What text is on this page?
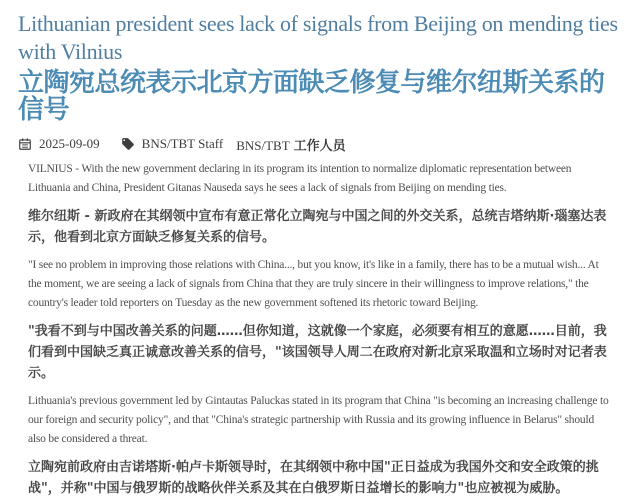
Lithuanian president sees lack of signals from Beijing on mending ties with Vilnius
立陶宛总统表示北京方面缺乏修复与维尔纽斯关系的信号
2025-09-09	BNS/TBT Staff BNS/TBT 工作人员

VILNIUS - With the new government declaring in its program its intention to normalize diplomatic representation between Lithuania and China, President Gitanas Nauseda says he sees a lack of signals from Beijing on mending ties.

维尔纽斯 - 新政府在其纲领中宣布有意正常化立陶宛与中国之间的外交关系，总统吉塔纳斯·瑙塞达表示，他看到北京方面缺乏修复关系的信号。

"I see no problem in improving those relations with China..., but you know, it's like in a family, there has to be a mutual wish... At the moment, we are seeing a lack of signals from China that they are truly sincere in their willingness to improve relations," the country's leader told reporters on Tuesday as the new government softened its rhetoric toward Beijing.

"我看不到与中国改善关系的问题……但你知道，这就像一个家庭，必须要有相互的意愿……目前，我们看到中国缺乏真正诚意改善关系的信号，"该国领导人周二在政府对新北京采取温和立场时对记者表示。

Lithuania's previous government led by Gintautas Paluckas stated in its program that China "is becoming an increasing challenge to our foreign and security policy", and that "China's strategic partnership with Russia and its growing influence in Belarus" should also be considered a threat.

立陶宛前政府由吉诺塔斯·帕卢卡斯领导时，在其纲领中称中国"正日益成为我国外交和安全政策的挑战"，并称"中国与俄罗斯的战略伙伴关系及其在白俄罗斯日益增长的影响力"也应被视为威胁。
